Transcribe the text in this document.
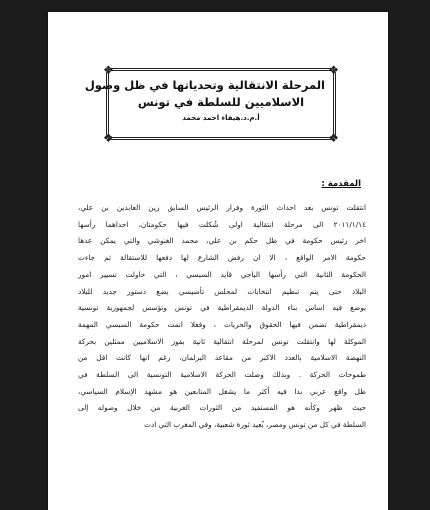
❖	❖
❖	❖
المرحلة الانتقالية وتحدياتها في ظل وصول
الاسلاميين للسلطة في تونس
أ.م.د.هيفاء احمد محمد
المقدمة :
انتقلت تونس بعد احداث الثورة وفرار الرئيس السابق زين العابدين بن علي،
٢٠١١/١/١٤ الى مرحلة انتقالية اولى شُكلت فيها حكومتان، احداهما رأسها
اخر رئيس حكومة في ظل حكم بن علي، محمد الغنوشي والتي يمكن عدها
حكومة الامر الواقع ، الا ان رفض الشارع لها دفعها للاستقالة ثم جاءت
الحكومة الثانية التي رأسها الباجي قايد السبسي ، التي حاولت تسيير امور
البلاد حتى يتم تنظيم انتخابات لمجلس تأسيسي يضع دستور جديد للبلاد
يوضع فيه اساس بناء الدولة الديمقراطية في تونس وتؤسس لجمهورية تونسية
ديمقراطية تضمن فيها الحقوق والحريات ، وفعلا انمت حكومة السبسي المهمة
الموكلة لها وانتقلت تونس لمرحلة انتقالية ثانية بفوز الاسلاميين ممثلين بحركة
النهضة الاسلامية بالعدد الاكبر من مقاعد البرلمان، رغم انها كانت اقل من
طموحات الحركة . وبذلك وصلت الحركة الاسلامية التونسية الى السلطة في
ظل واقع عربي بدا فيه أكثر ما يشغل المتابعين هو مشهد الإسلام السياسي،
حيث ظهر وكأنه هو المستفيد من الثورات العربية من خلال وصوله إلى
السلطة في كل من تونس ومصر، بُعيد ثورة شعبية، وفي المغرب التي ادت
